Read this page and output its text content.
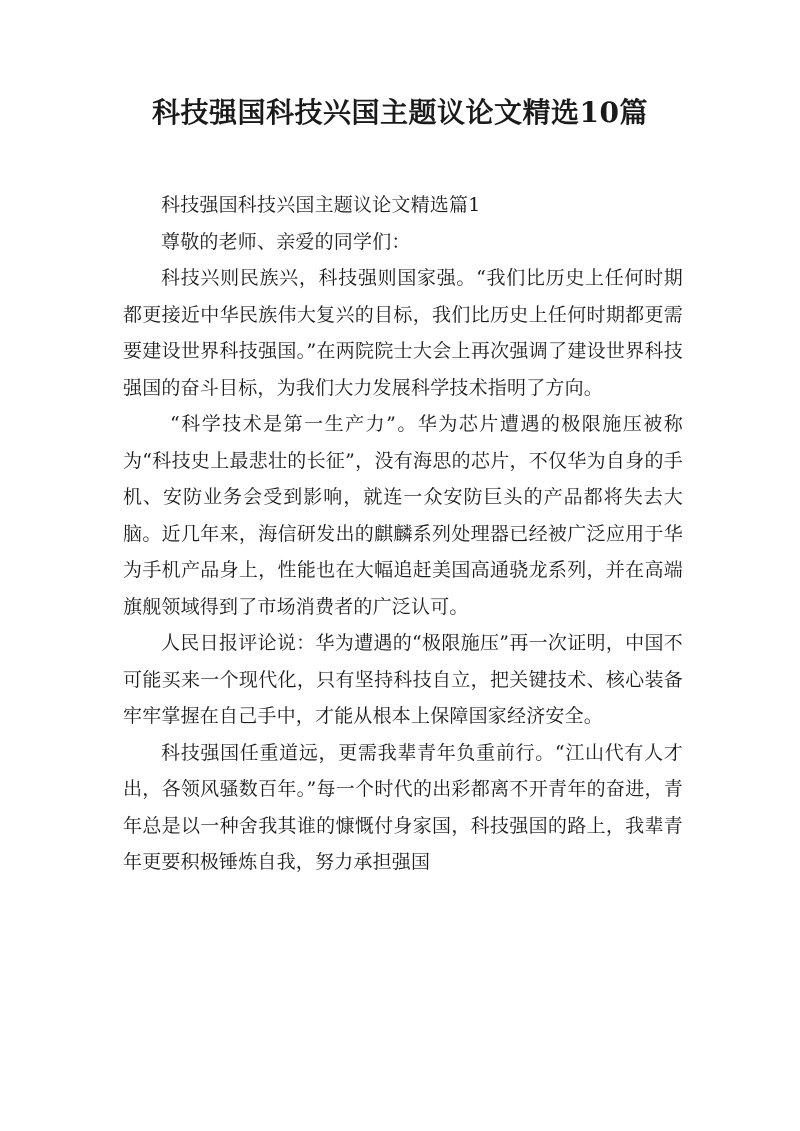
科技强国科技兴国主题议论文精选10篇

科技强国科技兴国主题议论文精选篇1

尊敬的老师、亲爱的同学们：

科技兴则民族兴，科技强则国家强。“我们比历史上任何时期都更接近中华民族伟大复兴的目标，我们比历史上任何时期都更需要建设世界科技强国。”在两院院士大会上再次强调了建设世界科技强国的奋斗目标，为我们大力发展科学技术指明了方向。

“科学技术是第一生产力”。华为芯片遭遇的极限施压被称为“科技史上最悲壮的长征”，没有海思的芯片，不仅华为自身的手机、安防业务会受到影响，就连一众安防巨头的产品都将失去大脑。近几年来，海信研发出的麒麟系列处理器已经被广泛应用于华为手机产品身上，性能也在大幅追赶美国高通骁龙系列，并在高端旗舰领域得到了市场消费者的广泛认可。

人民日报评论说：华为遭遇的“极限施压”再一次证明，中国不可能买来一个现代化，只有坚持科技自立，把关键技术、核心装备牢牢掌握在自己手中，才能从根本上保障国家经济安全。

科技强国任重道远，更需我辈青年负重前行。“江山代有人才出，各领风骚数百年。”每一个时代的出彩都离不开青年的奋进，青年总是以一种舍我其谁的慷慨付身家国，科技强国的路上，我辈青年更要积极锤炼自我，努力承担强国
